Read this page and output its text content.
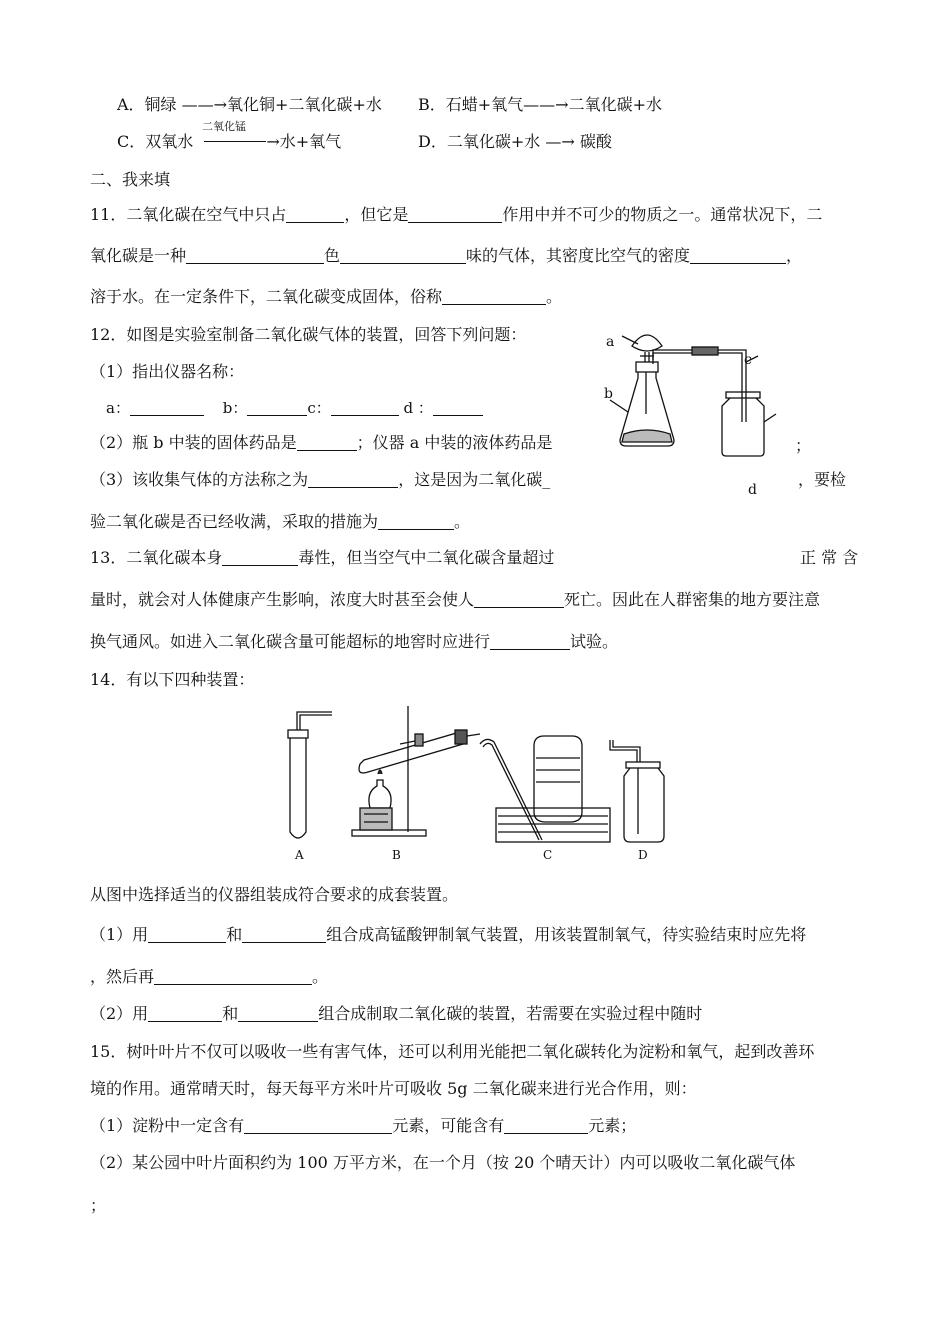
A．铜绿 ——→氧化铜+二氧化碳+水 B．石蜡+氧气——→二氧化碳+水
二氧化锰
C．双氧水	→水+氧气	D．二氧化碳+水 —→ 碳酸
二、我来填
11．二氧化碳在空气中只占	，但它是	作用中并不可少的物质之一。通常状况下，二
氧化碳是一种	色	味的气体，其密度比空气的密度	，
溶于水。在一定条件下，二氧化碳变成固体，俗称	。
12．如图是实验室制备二氧化碳气体的装置，回答下列问题：
（1）指出仪器名称：
a：	b：	c：	d ：
（2）瓶 b 中装的固体药品是	；仪器 a 中装的液体药品是	；
（3）该收集气体的方法称之为	，这是因为二氧化碳_	，要检
验二氧化碳是否已经收满，采取的措施为	。
a
b
c
d
13．二氧化碳本身	毒性，但当空气中二氧化碳含量超过	正 常 含
量时，就会对人体健康产生影响，浓度大时甚至会使人	死亡。因此在人群密集的地方要注意
换气通风。如进入二氧化碳含量可能超标的地窖时应进行	试验。
14．有以下四种装置：
A	B	C	D
从图中选择适当的仪器组装成符合要求的成套装置。
（1）用	和	组合成高锰酸钾制氧气装置，用该装置制氧气，待实验结束时应先将
，然后再	。
（2）用	和	组合成制取二氧化碳的装置，若需要在实验过程中随时
15．树叶叶片不仅可以吸收一些有害气体，还可以利用光能把二氧化碳转化为淀粉和氧气，起到改善环
境的作用。通常晴天时，每天每平方米叶片可吸收 5g 二氧化碳来进行光合作用，则：
（1）淀粉中一定含有	元素，可能含有	元素；
（2）某公园中叶片面积约为 100 万平方米，在一个月（按 20 个晴天计）内可以吸收二氧化碳气体
；
